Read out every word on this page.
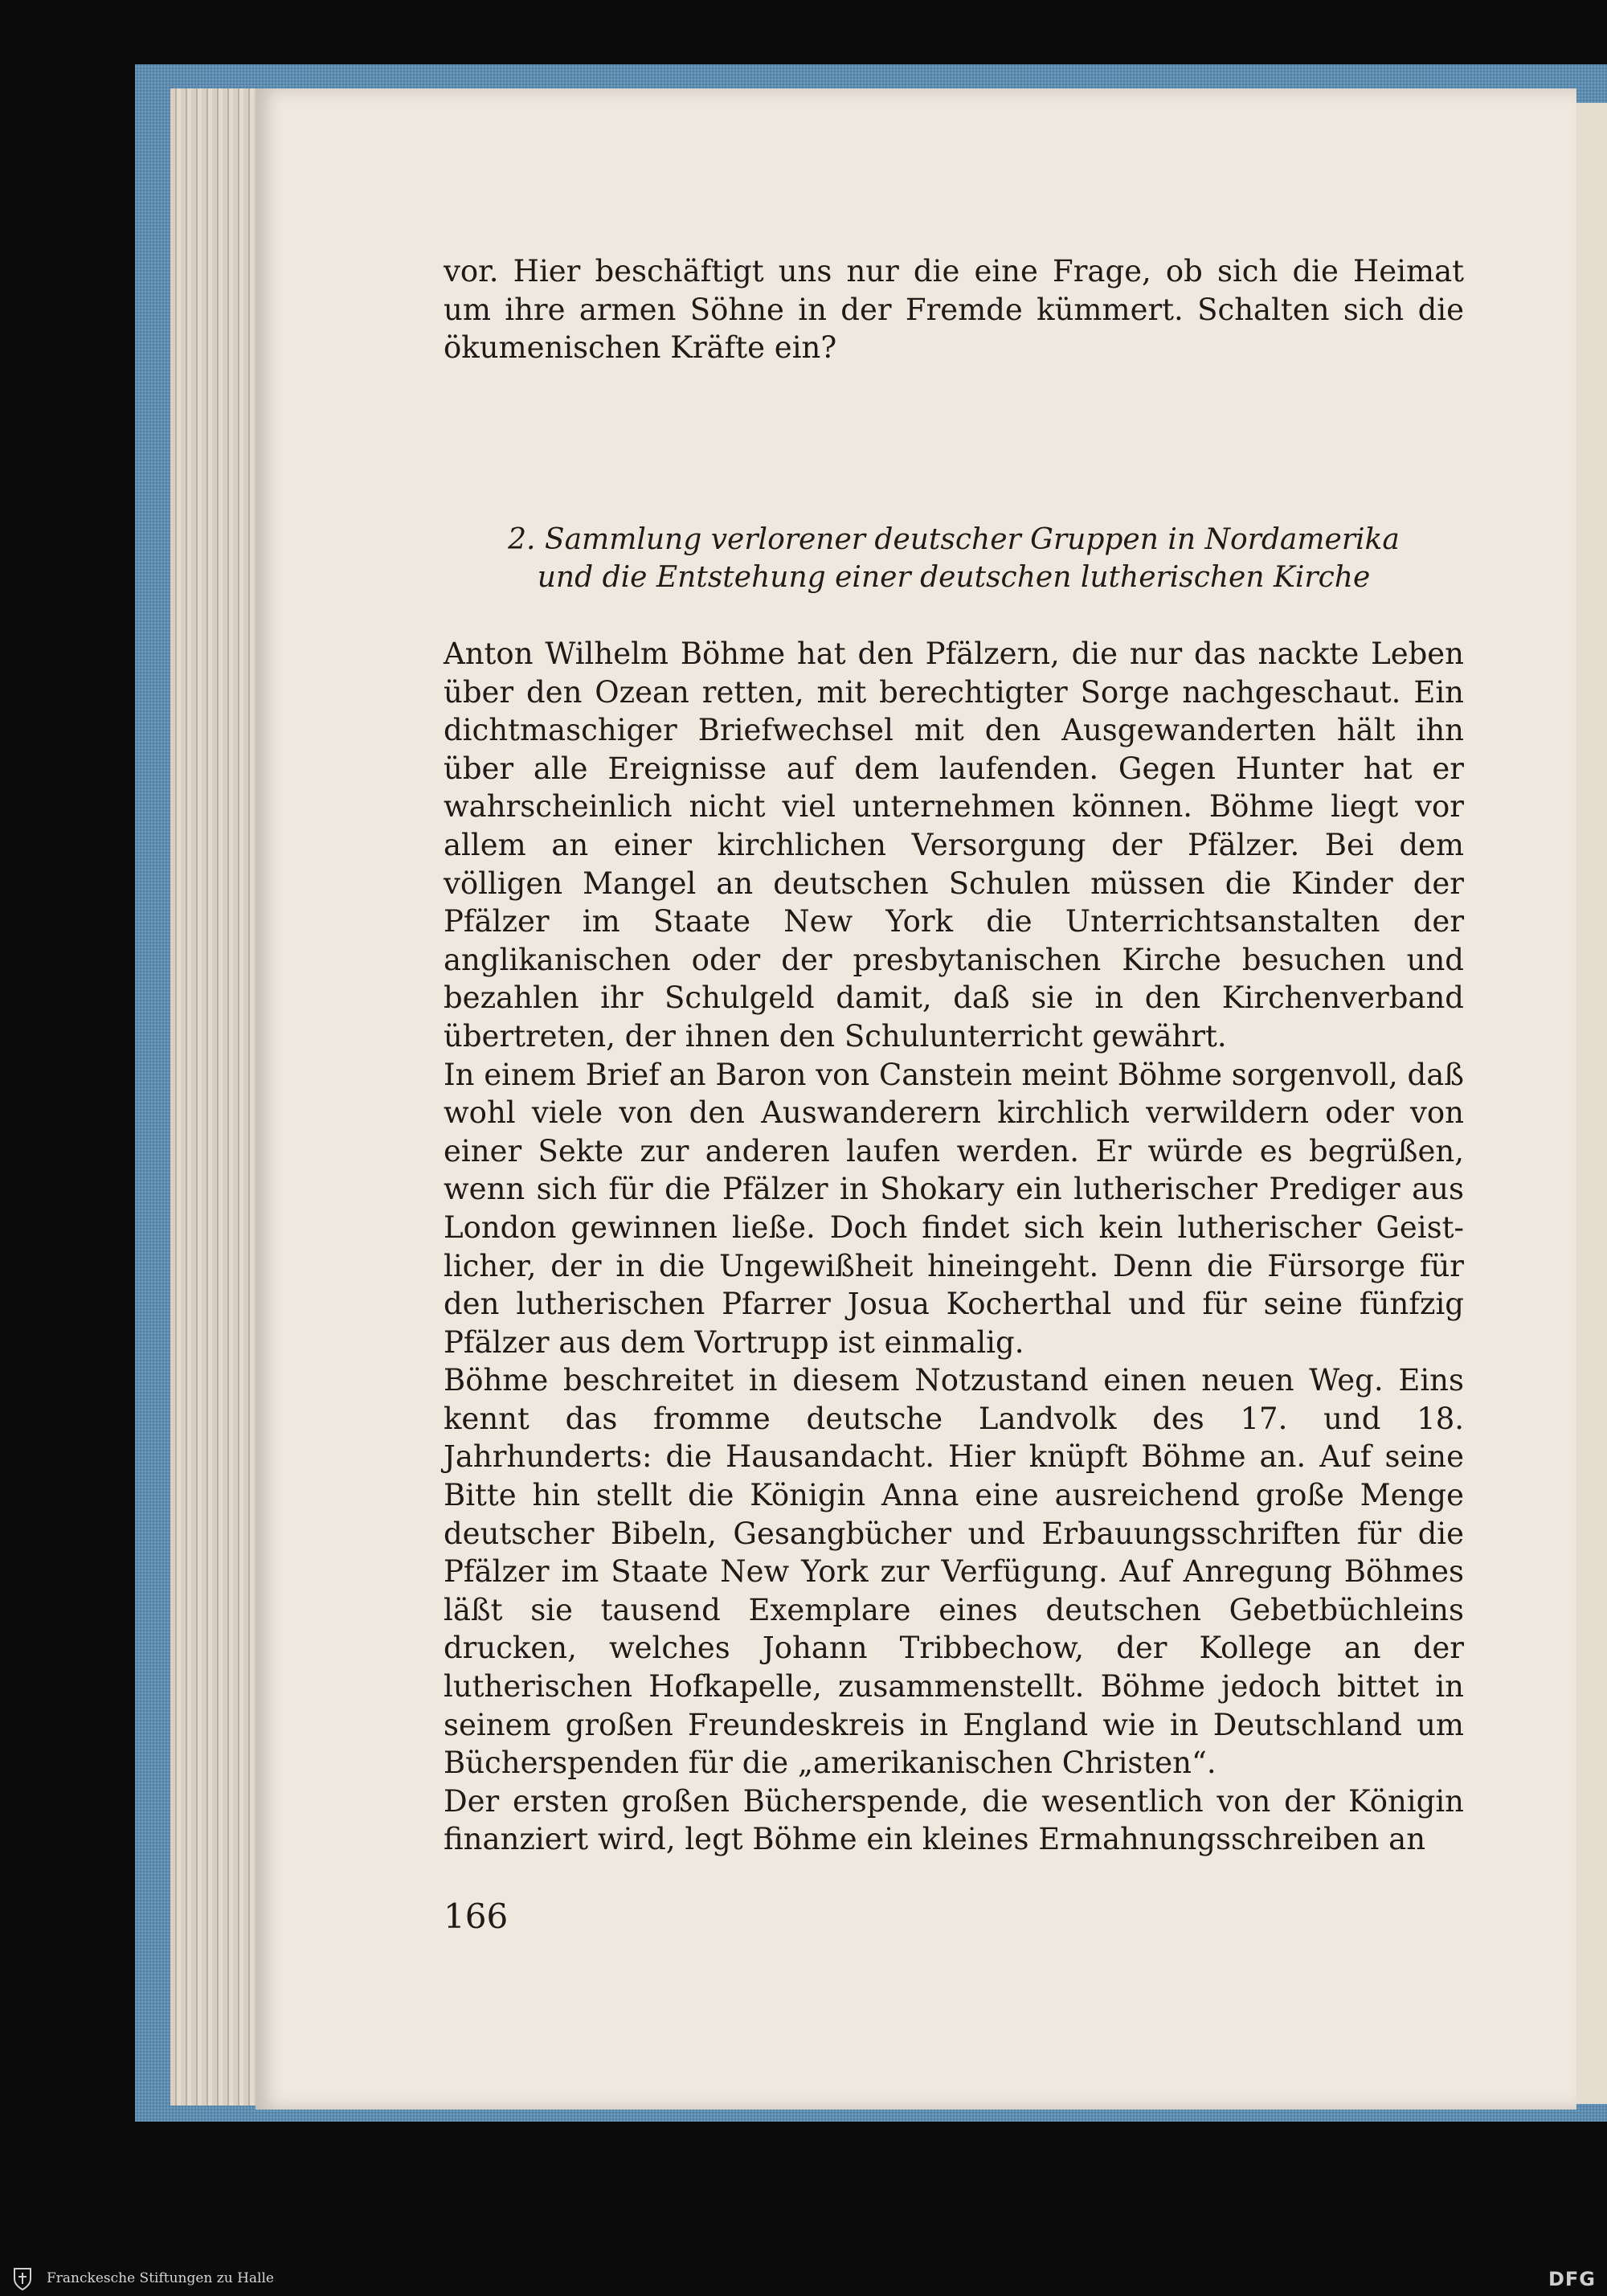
vor. Hier beschäftigt uns nur die eine Frage, ob sich die Heimat um ihre armen Söhne in der Fremde kümmert. Schalten sich die ökumenischen Kräfte ein?

2. Sammlung verlorener deutscher Gruppen in Nordamerika
und die Entstehung einer deutschen lutherischen Kirche

Anton Wilhelm Böhme hat den Pfälzern, die nur das nackte Leben über den Ozean retten, mit berechtigter Sorge nachgeschaut. Ein dichtmaschiger Briefwechsel mit den Ausgewanderten hält ihn über alle Ereignisse auf dem laufenden. Gegen Hunter hat er wahrscheinlich nicht viel unternehmen können. Böhme liegt vor allem an einer kirchlichen Versorgung der Pfälzer. Bei dem völligen Mangel an deutschen Schulen müssen die Kinder der Pfälzer im Staate New York die Unterrichtsanstalten der anglikanischen oder der presbytanischen Kirche besuchen und bezahlen ihr Schulgeld damit, daß sie in den Kirchenverband übertreten, der ihnen den Schulunterricht gewährt.

In einem Brief an Baron von Canstein meint Böhme sorgenvoll, daß wohl viele von den Auswanderern kirchlich verwildern oder von einer Sekte zur anderen laufen werden. Er würde es begrüßen, wenn sich für die Pfälzer in Shokary ein lutherischer Prediger aus London gewinnen ließe. Doch findet sich kein lutherischer Geistlicher, der in die Ungewißheit hineingeht. Denn die Fürsorge für den lutherischen Pfarrer Josua Kocherthal und für seine fünfzig Pfälzer aus dem Vortrupp ist einmalig.

Böhme beschreitet in diesem Notzustand einen neuen Weg. Eins kennt das fromme deutsche Landvolk des 17. und 18. Jahrhunderts: die Hausandacht. Hier knüpft Böhme an. Auf seine Bitte hin stellt die Königin Anna eine ausreichend große Menge deutscher Bibeln, Gesangbücher und Erbauungsschriften für die Pfälzer im Staate New York zur Verfügung. Auf Anregung Böhmes läßt sie tausend Exemplare eines deutschen Gebetbüchleins drucken, welches Johann Tribbechow, der Kollege an der lutherischen Hofkapelle, zusammenstellt. Böhme jedoch bittet in seinem großen Freundeskreis in England wie in Deutschland um Bücherspenden für die „amerikanischen Christen“.

Der ersten großen Bücherspende, die wesentlich von der Königin finanziert wird, legt Böhme ein kleines Ermahnungsschreiben an

166
Franckesche Stiftungen zu Halle	DFG
